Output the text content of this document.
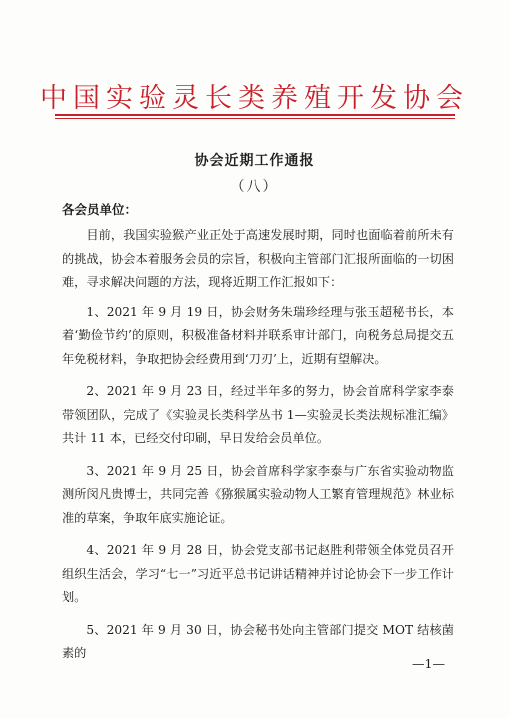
中国实验灵长类养殖开发协会
协会近期工作通报
（八）
各会员单位：

目前，我国实验猴产业正处于高速发展时期，同时也面临着前所未有的挑战，协会本着服务会员的宗旨，积极向主管部门汇报所面临的一切困难，寻求解决问题的方法，现将近期工作汇报如下：

1、2021 年 9 月 19 日，协会财务朱瑞珍经理与张玉超秘书长，本着‘勤俭节约’的原则，积极准备材料并联系审计部门，向税务总局提交五年免税材料，争取把协会经费用到‘刀刃’上，近期有望解决。

2、2021 年 9 月 23 日，经过半年多的努力，协会首席科学家李泰带领团队，完成了《实验灵长类科学丛书 1—实验灵长类法规标准汇编》共计 11 本，已经交付印刷，早日发给会员单位。

3、2021 年 9 月 25 日，协会首席科学家李泰与广东省实验动物监测所闵凡贵博士，共同完善《猕猴属实验动物人工繁育管理规范》林业标准的草案，争取年底实施论证。

4、2021 年 9 月 28 日，协会党支部书记赵胜利带领全体党员召开组织生活会，学习“七一”习近平总书记讲话精神并讨论协会下一步工作计划。

5、2021 年 9 月 30 日，协会秘书处向主管部门提交 MOT 结核菌素的

—1—
